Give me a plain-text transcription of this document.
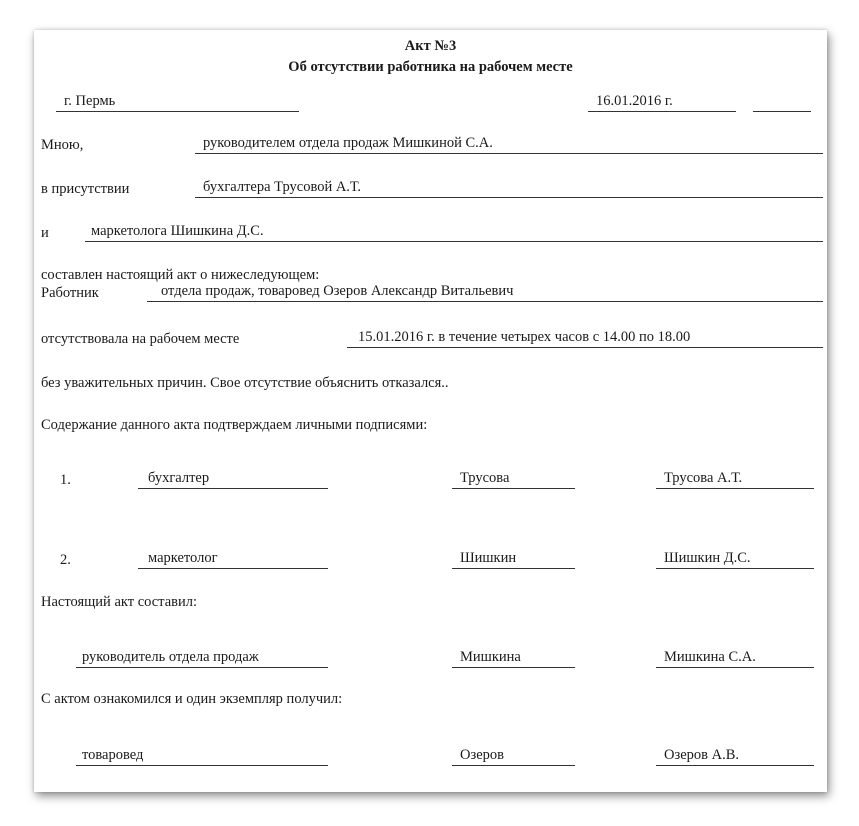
Акт №3
Об отсутствии работника на рабочем месте
г. Пермь	16.01.2016 г.
Мною,	руководителем отдела продаж Мишкиной С.А.
в присутствии	бухгалтера Трусовой А.Т.
и	маркетолога Шишкина Д.С.
составлен настоящий акт о нижеследующем:
Работник	отдела продаж, товаровед Озеров Александр Витальевич
отсутствовала на рабочем месте	15.01.2016 г. в течение четырех часов с 14.00 по 18.00
без уважительных причин. Свое отсутствие объяснить отказался..
Содержание данного акта подтверждаем личными подписями:
1.	бухгалтер	Трусова	Трусова А.Т.
2.	маркетолог	Шишкин	Шишкин Д.С.
Настоящий акт составил:
руководитель отдела продаж	Мишкина	Мишкина С.А.
С актом ознакомился и один экземпляр получил:
товаровед	Озеров	Озеров А.В.
